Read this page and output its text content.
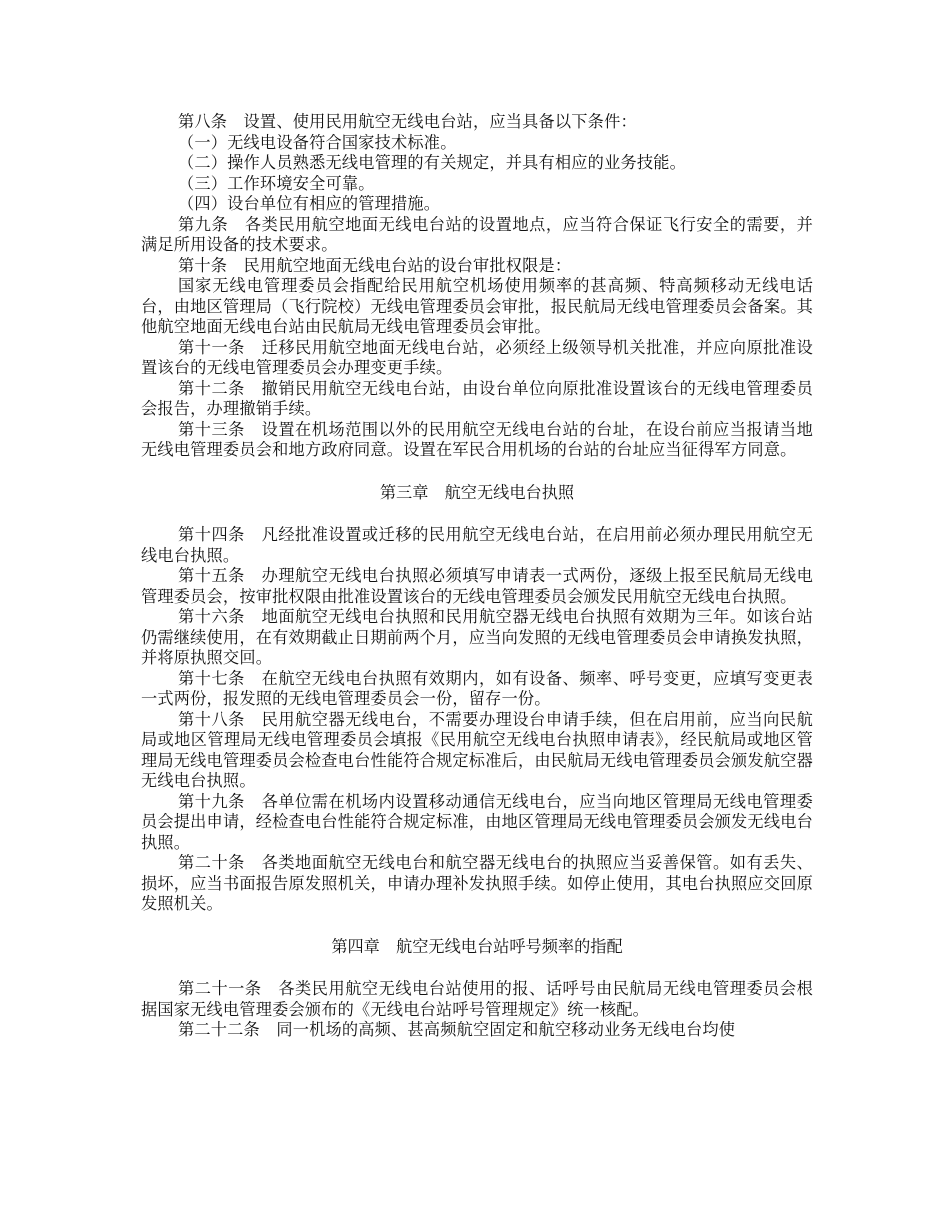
第八条　设置、使用民用航空无线电台站，应当具备以下条件：

（一）无线电设备符合国家技术标准。

（二）操作人员熟悉无线电管理的有关规定，并具有相应的业务技能。

（三）工作环境安全可靠。

（四）设台单位有相应的管理措施。

第九条　各类民用航空地面无线电台站的设置地点，应当符合保证飞行安全的需要，并满足所用设备的技术要求。

第十条　民用航空地面无线电台站的设台审批权限是：

国家无线电管理委员会指配给民用航空机场使用频率的甚高频、特高频移动无线电话台，由地区管理局（飞行院校）无线电管理委员会审批，报民航局无线电管理委员会备案。其他航空地面无线电台站由民航局无线电管理委员会审批。

第十一条　迁移民用航空地面无线电台站，必须经上级领导机关批准，并应向原批准设置该台的无线电管理委员会办理变更手续。

第十二条　撤销民用航空无线电台站，由设台单位向原批准设置该台的无线电管理委员会报告，办理撤销手续。

第十三条　设置在机场范围以外的民用航空无线电台站的台址，在设台前应当报请当地无线电管理委员会和地方政府同意。设置在军民合用机场的台站的台址应当征得军方同意。

第三章　航空无线电台执照

第十四条　凡经批准设置或迁移的民用航空无线电台站，在启用前必须办理民用航空无线电台执照。

第十五条　办理航空无线电台执照必须填写申请表一式两份，逐级上报至民航局无线电管理委员会，按审批权限由批准设置该台的无线电管理委员会颁发民用航空无线电台执照。

第十六条　地面航空无线电台执照和民用航空器无线电台执照有效期为三年。如该台站仍需继续使用，在有效期截止日期前两个月，应当向发照的无线电管理委员会申请换发执照，并将原执照交回。

第十七条　在航空无线电台执照有效期内，如有设备、频率、呼号变更，应填写变更表一式两份，报发照的无线电管理委员会一份，留存一份。

第十八条　民用航空器无线电台，不需要办理设台申请手续，但在启用前，应当向民航局或地区管理局无线电管理委员会填报《民用航空无线电台执照申请表》，经民航局或地区管理局无线电管理委员会检查电台性能符合规定标准后，由民航局无线电管理委员会颁发航空器无线电台执照。

第十九条　各单位需在机场内设置移动通信无线电台，应当向地区管理局无线电管理委员会提出申请，经检查电台性能符合规定标准，由地区管理局无线电管理委员会颁发无线电台执照。

第二十条　各类地面航空无线电台和航空器无线电台的执照应当妥善保管。如有丢失、损坏，应当书面报告原发照机关，申请办理补发执照手续。如停止使用，其电台执照应交回原发照机关。

第四章　航空无线电台站呼号频率的指配

第二十一条　各类民用航空无线电台站使用的报、话呼号由民航局无线电管理委员会根据国家无线电管理委会颁布的《无线电台站呼号管理规定》统一核配。

第二十二条　同一机场的高频、甚高频航空固定和航空移动业务无线电台均使
